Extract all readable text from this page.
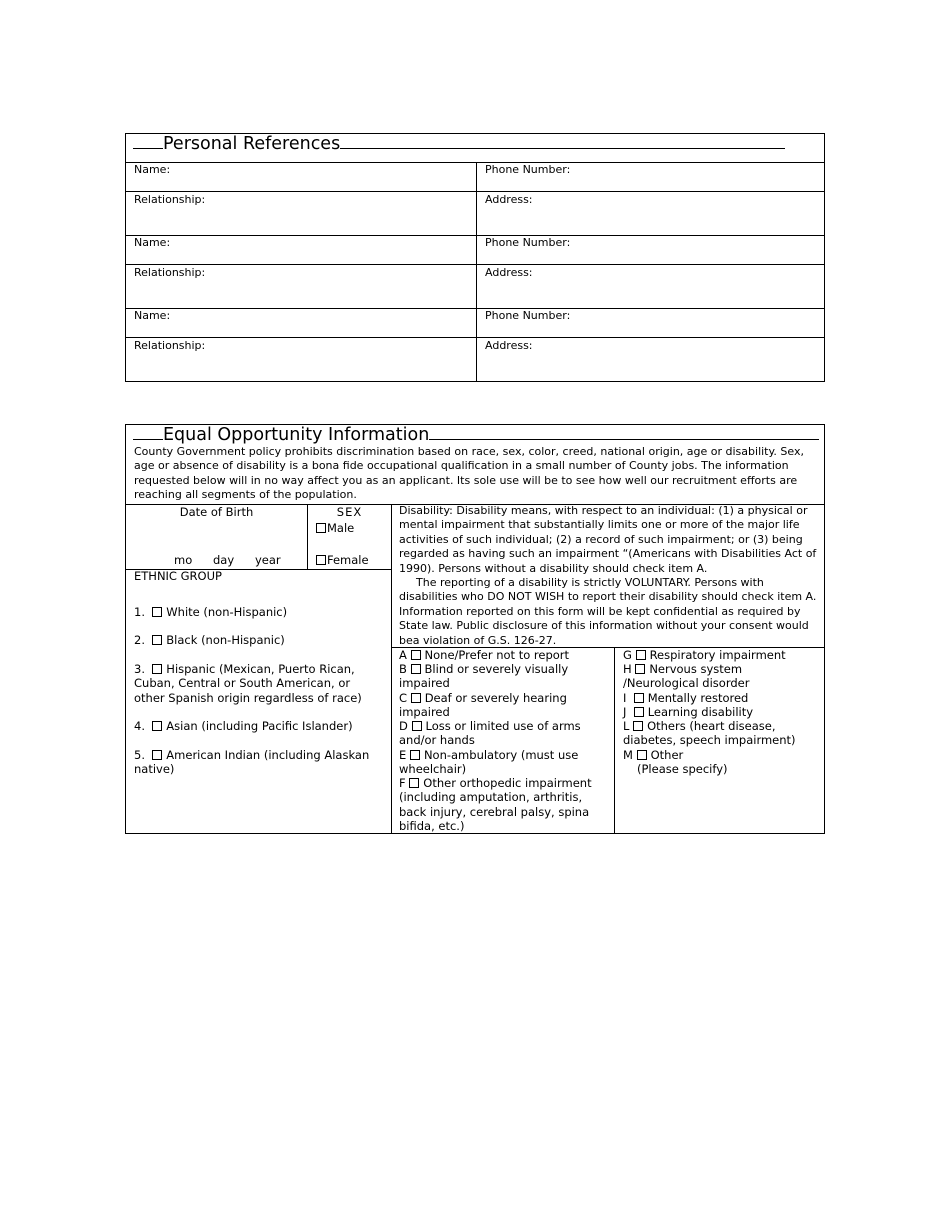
Personal References
Name:	Phone Number:
Relationship:	Address:
Name:	Phone Number:
Relationship:	Address:
Name:	Phone Number:
Relationship:	Address:
Equal Opportunity Information
County Government policy prohibits discrimination based on race, sex, color, creed, national origin, age or disability. Sex, age or absence of disability is a bona fide occupational qualification in a small number of County jobs. The information requested below will in no way affect you as an applicant. Its sole use will be to see how well our recruitment efforts are reaching all segments of the population.
Date of Birth
mo day year
SEX
Male
Female
ETHNIC GROUP
1. White (non-Hispanic)
2. Black (non-Hispanic)
3. Hispanic (Mexican, Puerto Rican, Cuban, Central or South American, or other Spanish origin regardless of race)
4. Asian (including Pacific Islander)
5. American Indian (including Alaskan native)
Disability: Disability means, with respect to an individual: (1) a physical or mental impairment that substantially limits one or more of the major life activities of such individual; (2) a record of such impairment; or (3) being regarded as having such an impairment “(Americans with Disabilities Act of 1990). Persons without a disability should check item A.
The reporting of a disability is strictly VOLUNTARY. Persons with disabilities who DO NOT WISH to report their disability should check item A. Information reported on this form will be kept confidential as required by State law. Public disclosure of this information without your consent would bea violation of G.S. 126-27.
A None/Prefer not to report
B Blind or severely visually impaired
C Deaf or severely hearing impaired
D Loss or limited use of arms and/or hands
E Non-ambulatory (must use wheelchair)
F Other orthopedic impairment (including amputation, arthritis, back injury, cerebral palsy, spina bifida, etc.)
G Respiratory impairment
H Nervous system /Neurological disorder
I Mentally restored
J Learning disability
L Others (heart disease, diabetes, speech impairment)
M Other
(Please specify)
